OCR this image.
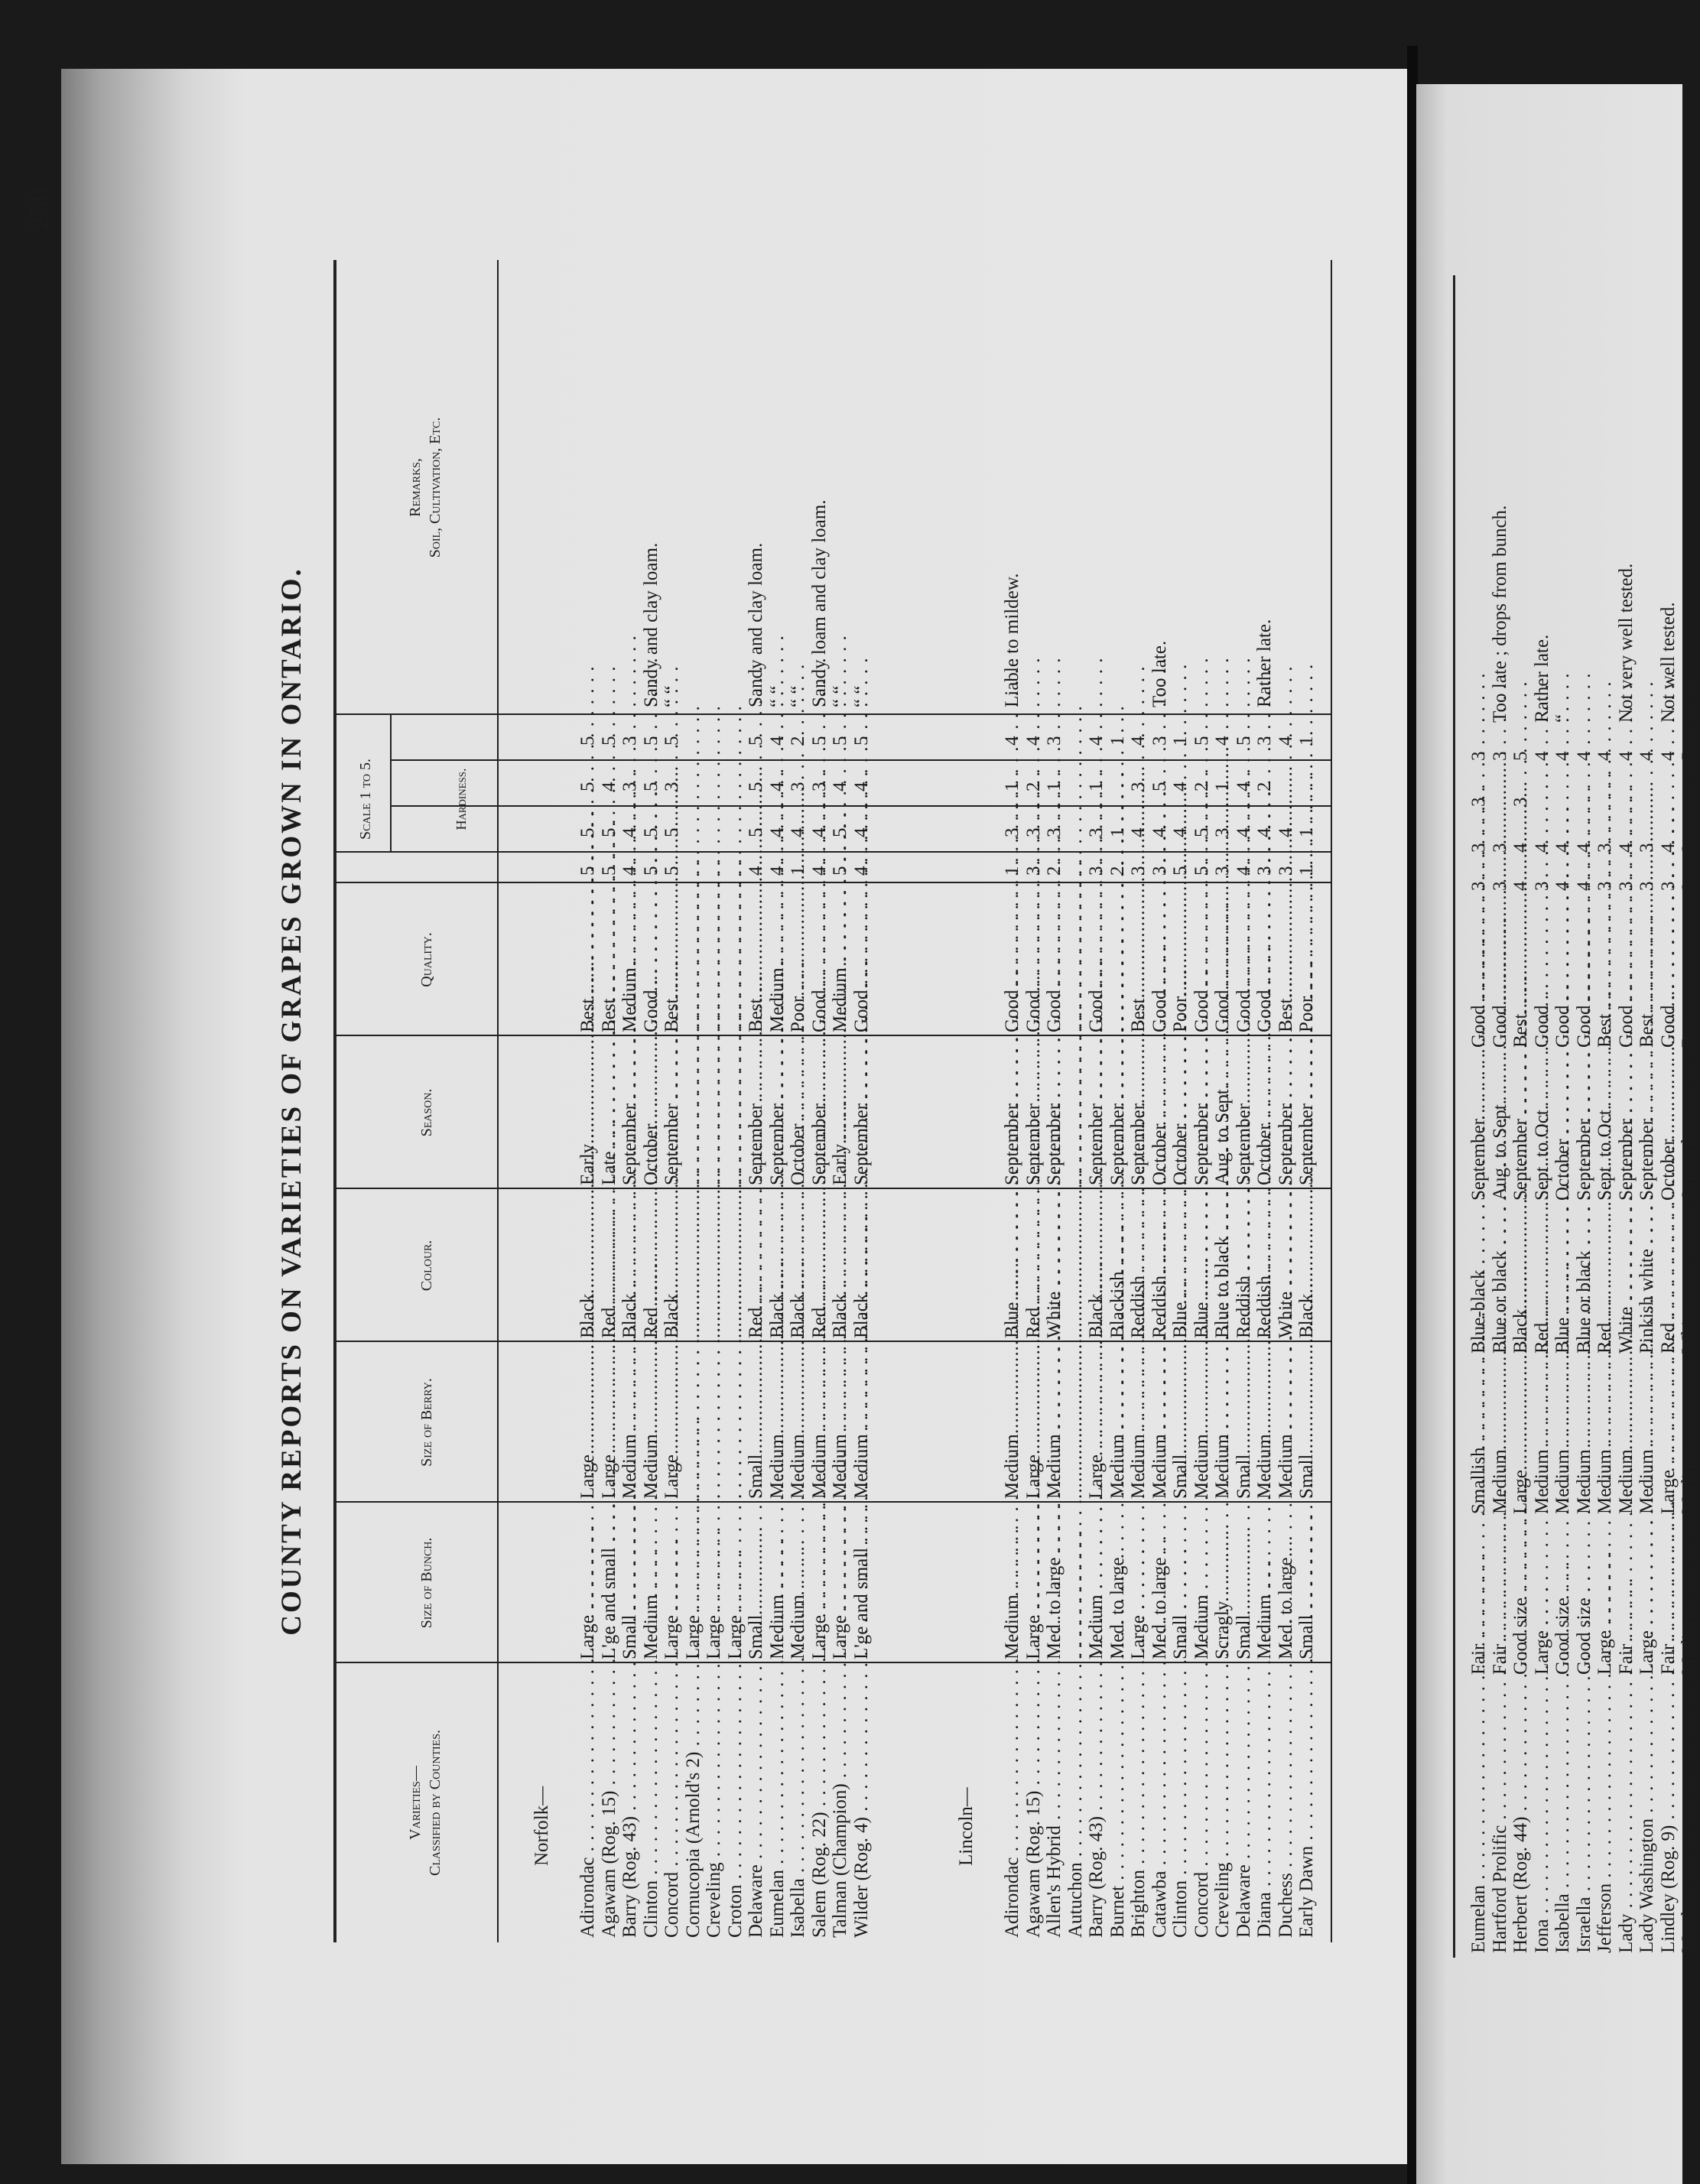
COUNTY REPORTS ON VARIETIES OF GRAPES GROWN IN ONTARIO.
250
Varieties— Classified by Counties.
Size of Bunch.
Size of Berry.
Colour.
Season.
Quality.
Scale 1 to 5.	Hardiness.
Remarks, Soil, Cultivation, Etc.
Norfolk—
Adirondac . . .
Large . . .
Large . . .
Black . . .
Early . . .
Best . . .
5
5
5
5
Agawam (Rog. 15) . . .
L'ge and small . . .
Large . . .
Red . . .
Late . . .
Best . . .
5
5
4
5
Barry (Rog. 43) . . .
Small . . .
Medium . . .
Black . . .
September . . .
Medium . . .
4
4
3
3
Clinton . . .
Medium . . .
Medium . . .
Red . . .
October . . .
Good . . .
5
5
5
5
Sandy and clay loam.
Concord . . .
Large . . .
Large . . .
Black . . .
September . . .
Best . . .
5
5
3
5
“ “
Cornucopia (Arnold's 2) . . .
Large . . .
. . .
. . .
. . .
. . .
Creveling . . .
Large . . .
. . .
. . .
. . .
. . .
Croton . . .
Large . . .
. . .
. . .
. . .
. . .
Delaware . . .
Small . . .
Small . . .
Red . . .
September . . .
Best . . .
4
5
5
5
Sandy and clay loam.
Eumelan . . .
Medium . . .
Medium . . .
Black . . .
September . . .
Medium . . .
4
4
4
4
“ “
Isabella . . .
Medium . . .
Medium . . .
Black . . .
October . . .
Poor . . .
1
4
3
2
“ “
Salem (Rog. 22) . . .
Large . . .
Medium . . .
Red . . .
September . . .
Good . . .
4
4
3
5
Sandy loam and clay loam.
Talman (Champion) . . .
Large . . .
Medium . . .
Black . . .
Early . . .
Medium . . .
5
5
4
5
“ “
Wilder (Rog. 4) . . .
L'ge and small . . .
Medium . . .
Black . . .
September . . .
Good . . .
4
4
4
5
“ “
Lincoln—
Adirondac . . .
Medium . . .
Medium . . .
Blue . . .
September . . .
Good . . .
1
3
1
4
Liable to mildew.
Agawam (Rog. 15) . . .
Large . . .
Large . . .
Red . . .
September . . .
Good . . .
3
3
2
4
Allen's Hybrid . . .
Med. to large . . .
Medium . . .
White . . .
September . . .
Good . . .
2
3
1
3
Autuchon . . .
. . .
. . .
. . .
. . .
. . . Barry (Rog. 43) . . .
Medium . . .
Large . . .
Black . . .
September . . .
Good . . .
3
3
1
4
Burnet . . .
Med. to large . . .
Medium . . .
Blackish . . .
September . . .
. . .
2
1
1
Brighton . . .
Large . . .
Medium . . .
Reddish . . .
September . . .
Best . . .
3
4
3
4
Catawba . . .
Med. to large . . .
Medium . . .
Reddish . . .
October . . .
Good . . .
3
4
5
3
Too late.
Clinton . . .
Small . . .
Small . . .
Blue . . .
October . . .
Poor . . .
5
4
4
1
Concord . . .
Medium . . .
Medium . . .
Blue . . .
September . . .
Good . . .
5
5
2
5
Creveling . . .
Scragly . . .
Medium . . .
Blue to black . . .
Aug. to Sept. . . .
Good . . .
3
3
1
4
Delaware . . .
Small . . .
Small . . .
Reddish . . .
September . . .
Good . . .
4
4
4
5
Diana . . .
Medium . . .
Medium . . .
Reddish . . .
October . . .
Good . . .
3
4
2
3
Rather late.
Duchess . . .
Med. to large . . .
Medium . . .
White . . .
September . . .
Best . . .
3
4
4
Early Dawn . . .
Small . . .
Small . . .
Black . . .
September . . .
Poor . . .
1
1
1
Eumelan . . .
Fair . . .
Smallish . . .
Blue-black . . .
September . . .
Good . . .
3
3
3
3
Hartford Prolific . . .
Fair . . .
Medium . . .
Blue or black . . .
Aug. to Sept. . . .
Good . . .
3
3
3
Too late ; drops from bunch.
Herbert (Rog. 44) . . .
Good size . . .
Large . . .
Black . . .
September . . .
Best . . .
4
4
3
5
Iona . . .
Large . . .
Medium . . .
Red . . .
Sept. to Oct. . . .
Good . . .
3
4
4
Rather late.
Isabella . . .
Good size . . .
Medium . . .
Blue . . .
October . . .
Good . . .
4
4
4
“
Israella . . .
Good size . . .
Medium . . .
Blue or black . . .
September . . .
Good . . .
4
4
4
Jefferson . . .
Large . . .
Medium . . .
Red . . .
Sept. to Oct. . . .
Best . . .
3
3
4
Lady . . .
Fair . . .
Medium . . .
White . . .
September . . .
Good . . .
3
4
4
Not very well tested.
Lady Washington . . .
Large . . .
Medium . . .
Pinkish white . . .
September . . .
Best . . .
3
3
4
Lindley (Rog. 9) . . .
Fair . . .
Large . . .
Red . . .
October . . .
Good . . .
3
4
4
Not well tested.
Martha . . .
Medium . . .
Medium . . .
White . . .
September . . .
Best . . .
3
3
5
